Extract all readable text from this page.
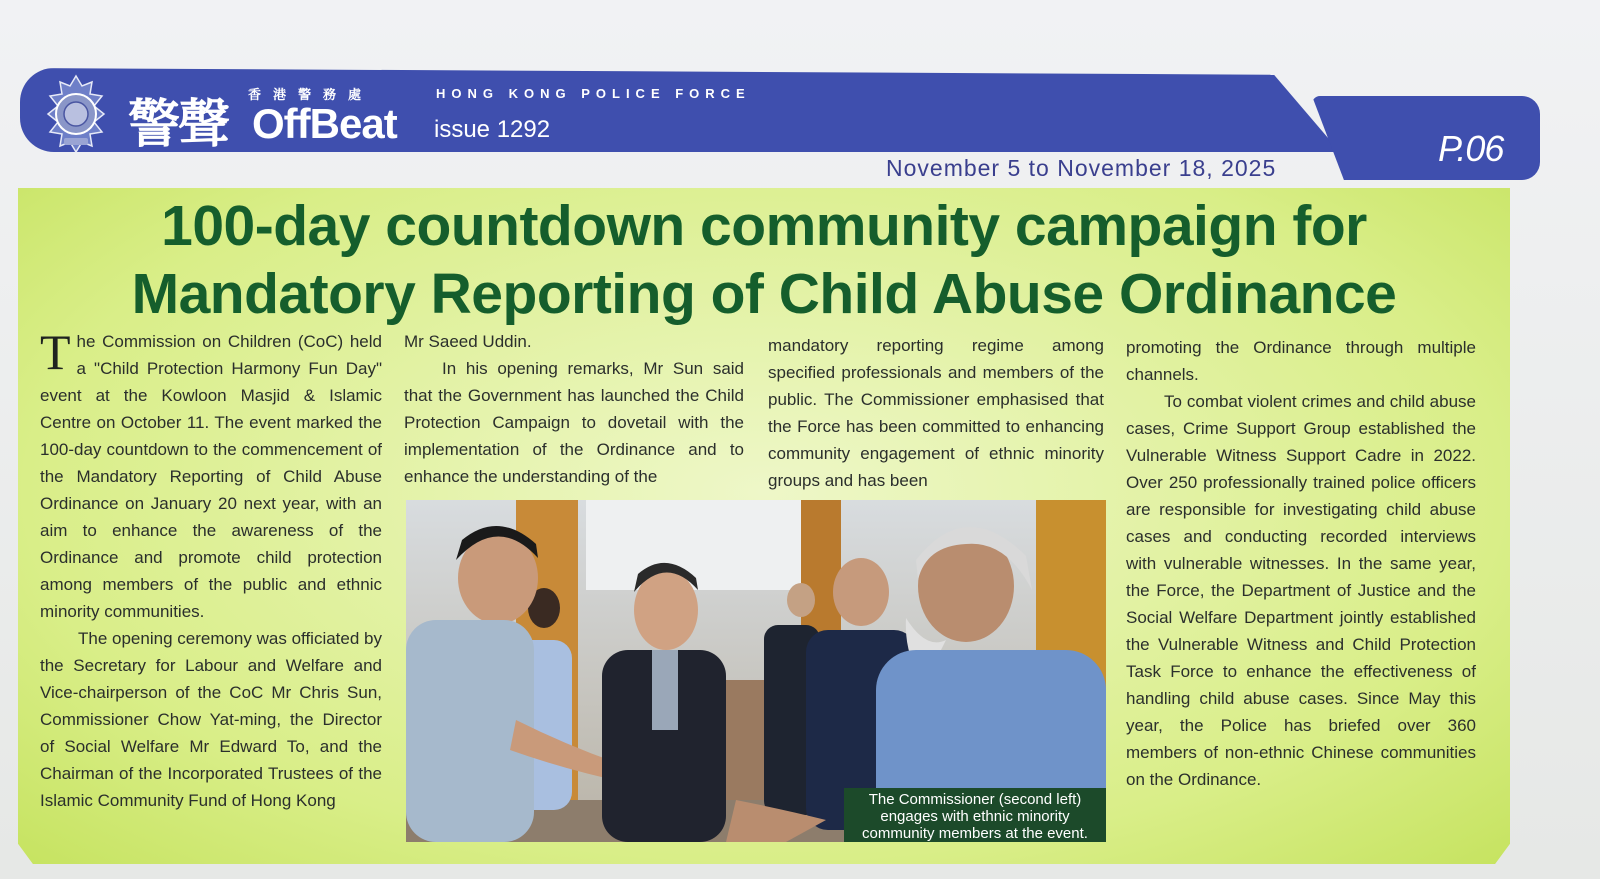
警聲 香港警務處
OffBeat
HONG KONG POLICE FORCE
issue 1292	P.06
November 5 to November 18, 2025
100-day countdown community campaign for
Mandatory Reporting of Child Abuse Ordinance

The Commission on Children (CoC) held a "Child Protection Harmony Fun Day" event at the Kowloon Masjid & Islamic Centre on October 11. The event marked the 100-day countdown to the commencement of the Mandatory Reporting of Child Abuse Ordinance on January 20 next year, with an aim to enhance the awareness of the Ordinance and promote child protection among members of the public and ethnic minority communities.

The opening ceremony was officiated by the Secretary for Labour and Welfare and Vice-chairperson of the CoC Mr Chris Sun, Commissioner Chow Yat-ming, the Director of Social Welfare Mr Edward To, and the Chairman of the Incorporated Trustees of the Islamic Community Fund of Hong Kong

Mr Saeed Uddin.

In his opening remarks, Mr Sun said that the Government has launched the Child Protection Campaign to dovetail with the implementation of the Ordinance and to enhance the understanding of the

mandatory reporting regime among specified professionals and members of the public. The Commissioner emphasised that the Force has been committed to enhancing community engagement of ethnic minority groups and has been

promoting the Ordinance through multiple channels.

To combat violent crimes and child abuse cases, Crime Support Group established the Vulnerable Witness Support Cadre in 2022. Over 250 professionally trained police officers are responsible for investigating child abuse cases and conducting recorded interviews with vulnerable witnesses. In the same year, the Force, the Department of Justice and the Social Welfare Department jointly established the Vulnerable Witness and Child Protection Task Force to enhance the effectiveness of handling child abuse cases. Since May this year, the Police has briefed over 360 members of non-ethnic Chinese communities on the Ordinance.

The Commissioner (second left) engages with ethnic minority community members at the event.
